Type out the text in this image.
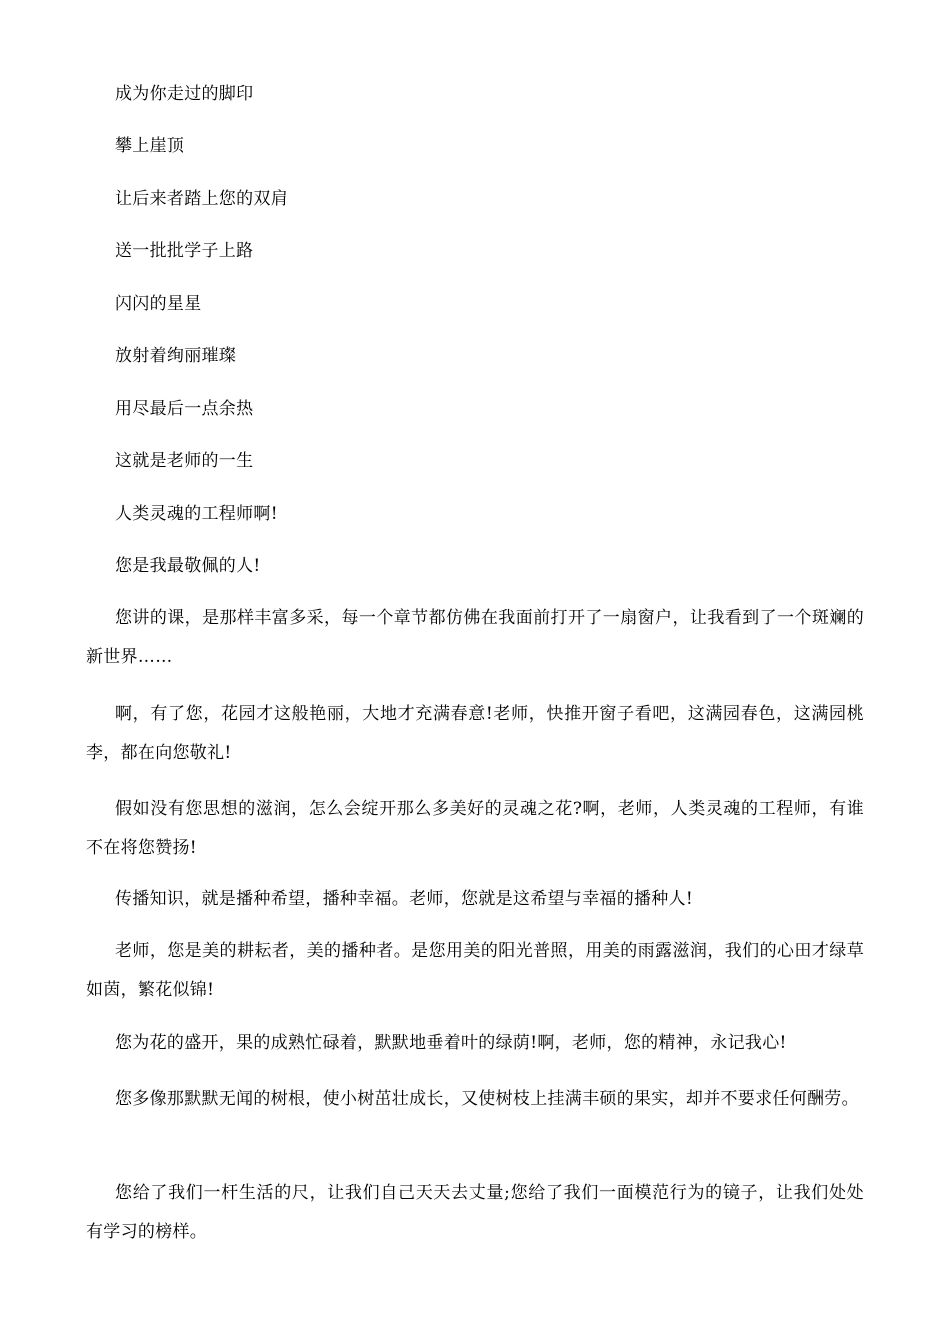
成为你走过的脚印
攀上崖顶
让后来者踏上您的双肩
送一批批学子上路
闪闪的星星
放射着绚丽璀璨
用尽最后一点余热
这就是老师的一生
人类灵魂的工程师啊!
您是我最敬佩的人!
您讲的课，是那样丰富多采，每一个章节都仿佛在我面前打开了一扇窗户，让我看到了一个斑斓的新世界……
啊，有了您，花园才这般艳丽，大地才充满春意!老师，快推开窗子看吧，这满园春色，这满园桃李，都在向您敬礼!
假如没有您思想的滋润，怎么会绽开那么多美好的灵魂之花?啊，老师，人类灵魂的工程师，有谁不在将您赞扬!
传播知识，就是播种希望，播种幸福。老师，您就是这希望与幸福的播种人!
老师，您是美的耕耘者，美的播种者。是您用美的阳光普照，用美的雨露滋润，我们的心田才绿草如茵，繁花似锦!
您为花的盛开，果的成熟忙碌着，默默地垂着叶的绿荫!啊，老师，您的精神，永记我心!
您多像那默默无闻的树根，使小树茁壮成长，又使树枝上挂满丰硕的果实，却并不要求任何酬劳。
您给了我们一杆生活的尺，让我们自己天天去丈量;您给了我们一面模范行为的镜子，让我们处处有学习的榜样。
